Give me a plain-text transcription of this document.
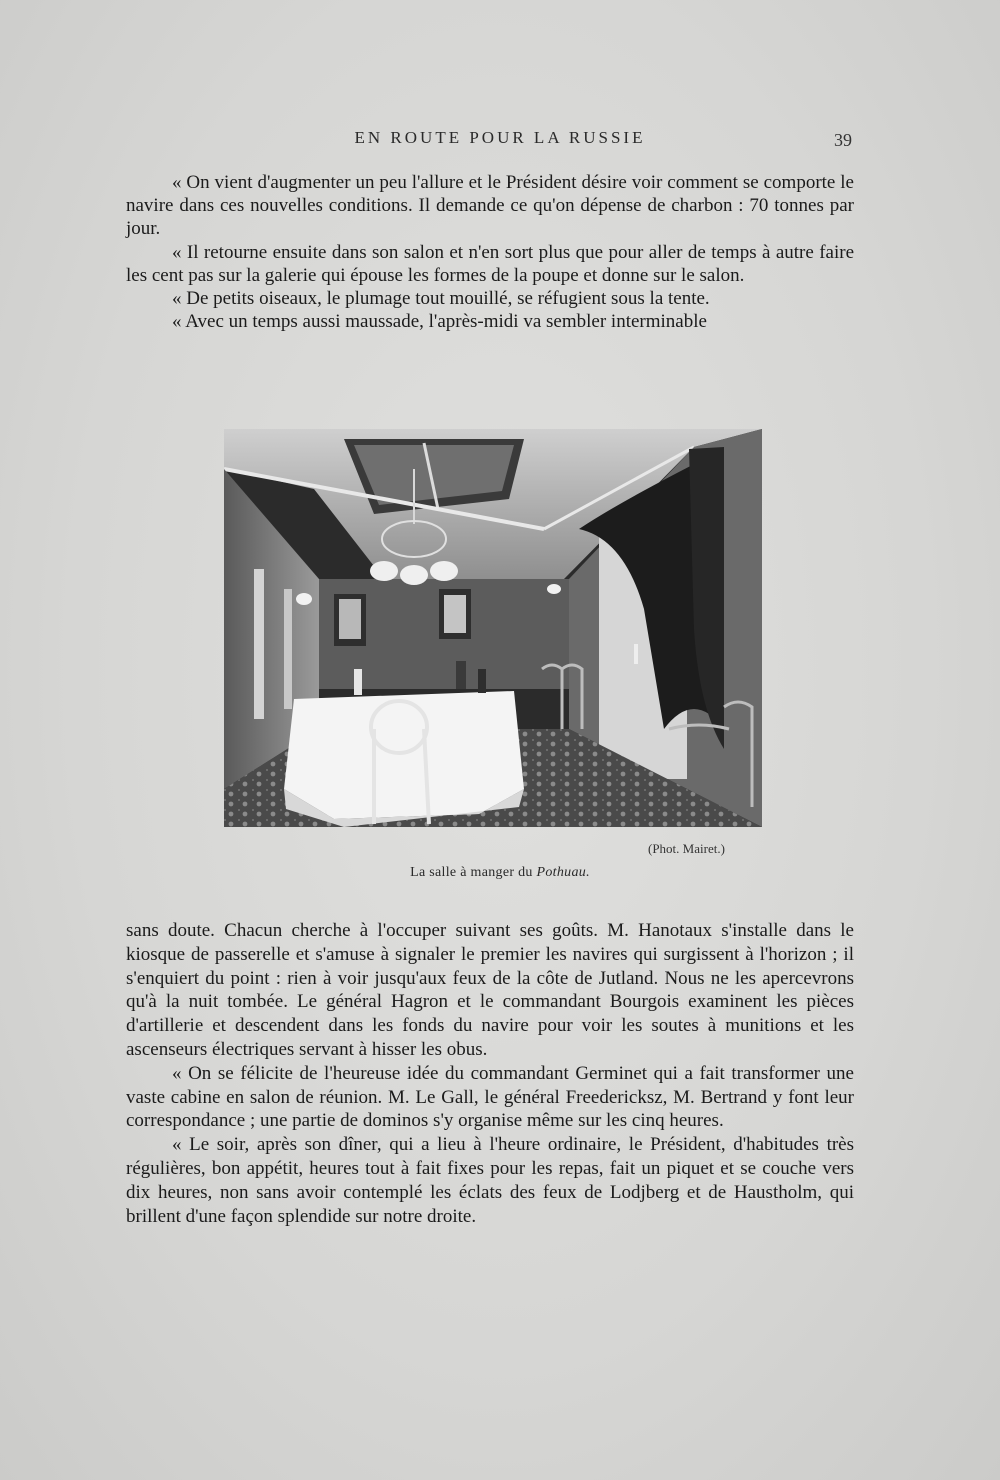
EN ROUTE POUR LA RUSSIE	39

« On vient d'augmenter un peu l'allure et le Président désire voir comment se comporte le navire dans ces nouvelles conditions. Il demande ce qu'on dépense de charbon : 70 tonnes par jour.

« Il retourne ensuite dans son salon et n'en sort plus que pour aller de temps à autre faire les cent pas sur la galerie qui épouse les formes de la poupe et donne sur le salon.

« De petits oiseaux, le plumage tout mouillé, se réfugient sous la tente.

« Avec un temps aussi maussade, l'après-midi va sembler interminable

(Phot. Mairet.)
La salle à manger du Pothuau.

sans doute. Chacun cherche à l'occuper suivant ses goûts. M. Hanotaux s'installe dans le kiosque de passerelle et s'amuse à signaler le premier les navires qui surgissent à l'horizon ; il s'enquiert du point : rien à voir jusqu'aux feux de la côte de Jutland. Nous ne les apercevrons qu'à la nuit tombée. Le général Hagron et le commandant Bourgois examinent les pièces d'artillerie et descendent dans les fonds du navire pour voir les soutes à munitions et les ascenseurs électriques servant à hisser les obus.

« On se félicite de l'heureuse idée du commandant Germinet qui a fait transformer une vaste cabine en salon de réunion. M. Le Gall, le général Freedericksz, M. Bertrand y font leur correspondance ; une partie de dominos s'y organise même sur les cinq heures.

« Le soir, après son dîner, qui a lieu à l'heure ordinaire, le Président, d'habitudes très régulières, bon appétit, heures tout à fait fixes pour les repas, fait un piquet et se couche vers dix heures, non sans avoir contemplé les éclats des feux de Lodjberg et de Haustholm, qui brillent d'une façon splendide sur notre droite.
